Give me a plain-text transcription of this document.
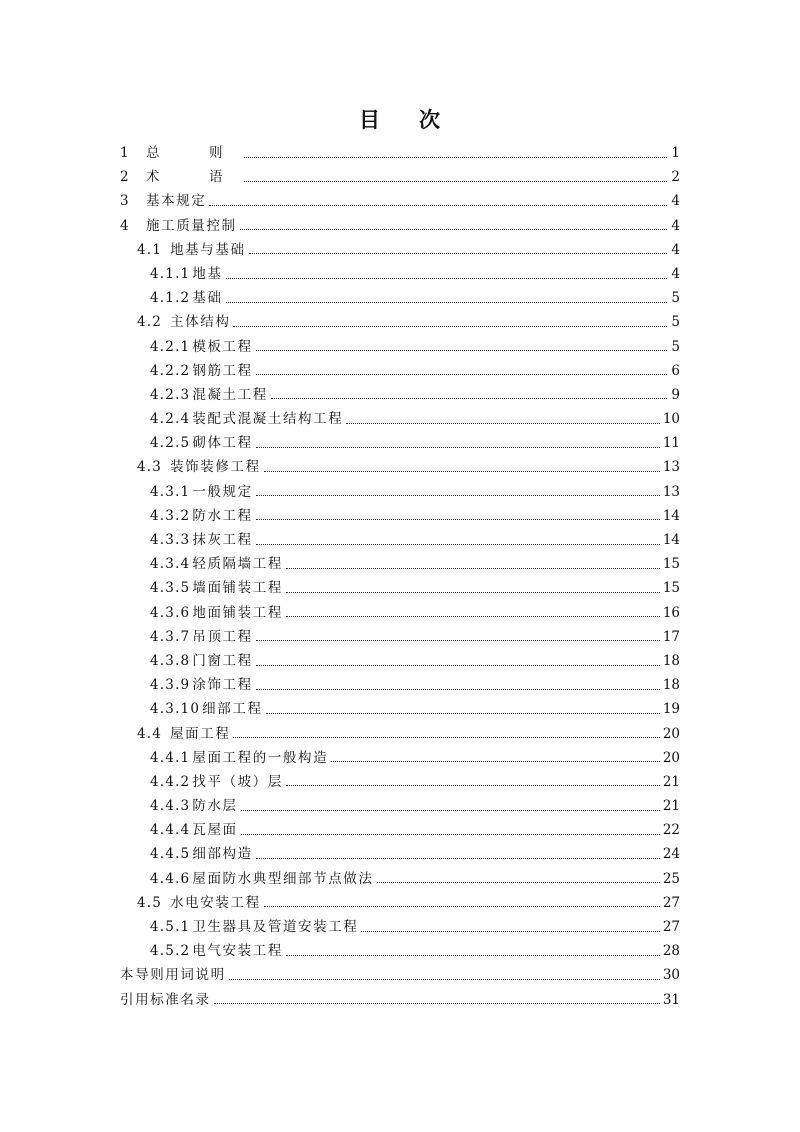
目 次
1	总　则	1
2	术　语	2
3	基本规定	4
4	施工质量控制	4
4.1 地基与基础	4
4.1.1 地基	4
4.1.2 基础	5
4.2 主体结构	5
4.2.1 模板工程	5
4.2.2 钢筋工程	6
4.2.3 混凝土工程	9
4.2.4 装配式混凝土结构工程	10
4.2.5 砌体工程	11
4.3 装饰装修工程	13
4.3.1 一般规定	13
4.3.2 防水工程	14
4.3.3 抹灰工程	14
4.3.4 轻质隔墙工程	15
4.3.5 墙面铺装工程	15
4.3.6 地面铺装工程	16
4.3.7 吊顶工程	17
4.3.8 门窗工程	18
4.3.9 涂饰工程	18
4.3.10 细部工程	19
4.4 屋面工程	20
4.4.1 屋面工程的一般构造	20
4.4.2 找平（坡）层	21
4.4.3 防水层	21
4.4.4 瓦屋面	22
4.4.5 细部构造	24
4.4.6 屋面防水典型细部节点做法	25
4.5 水电安装工程	27
4.5.1 卫生器具及管道安装工程	27
4.5.2 电气安装工程	28
本导则用词说明	30
引用标准名录	31
